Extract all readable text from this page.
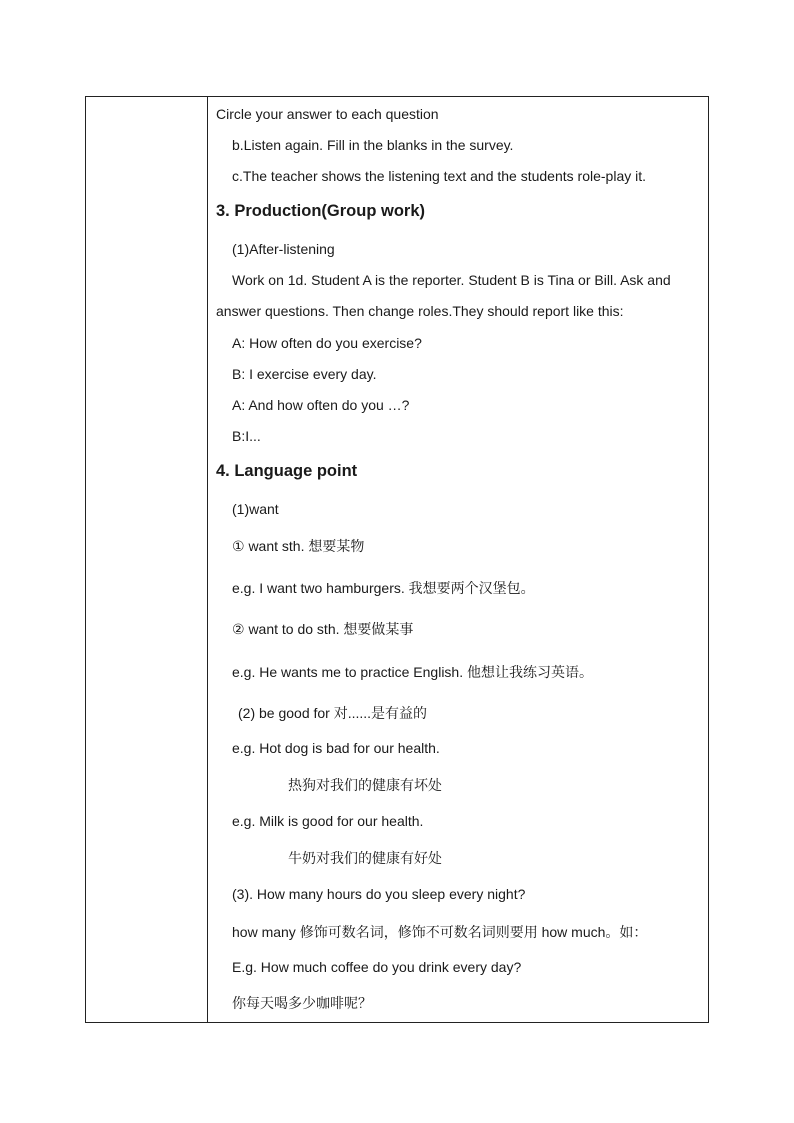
Circle your answer to each question
b.Listen again. Fill in the blanks in the survey.
c.The teacher shows the listening text and the students role-play it.
3. Production(Group work)
(1)After-listening
Work on 1d. Student A is the reporter. Student B is Tina or Bill. Ask and
answer questions. Then change roles.They should report like this:
A: How often do you exercise?
B: I exercise every day.
A: And how often do you …?
B:I...
4. Language point
(1)want
① want sth. 想要某物
e.g. I want two hamburgers. 我想要两个汉堡包。
② want to do sth. 想要做某事
e.g. He wants me to practice English. 他想让我练习英语。
(2) be good for 对......是有益的
e.g. Hot dog is bad for our health.
热狗对我们的健康有坏处
e.g. Milk is good for our health.
牛奶对我们的健康有好处
(3). How many hours do you sleep every night?
how many 修饰可数名词，修饰不可数名词则要用 how much。如：
E.g. How much coffee do you drink every day?
你每天喝多少咖啡呢？
